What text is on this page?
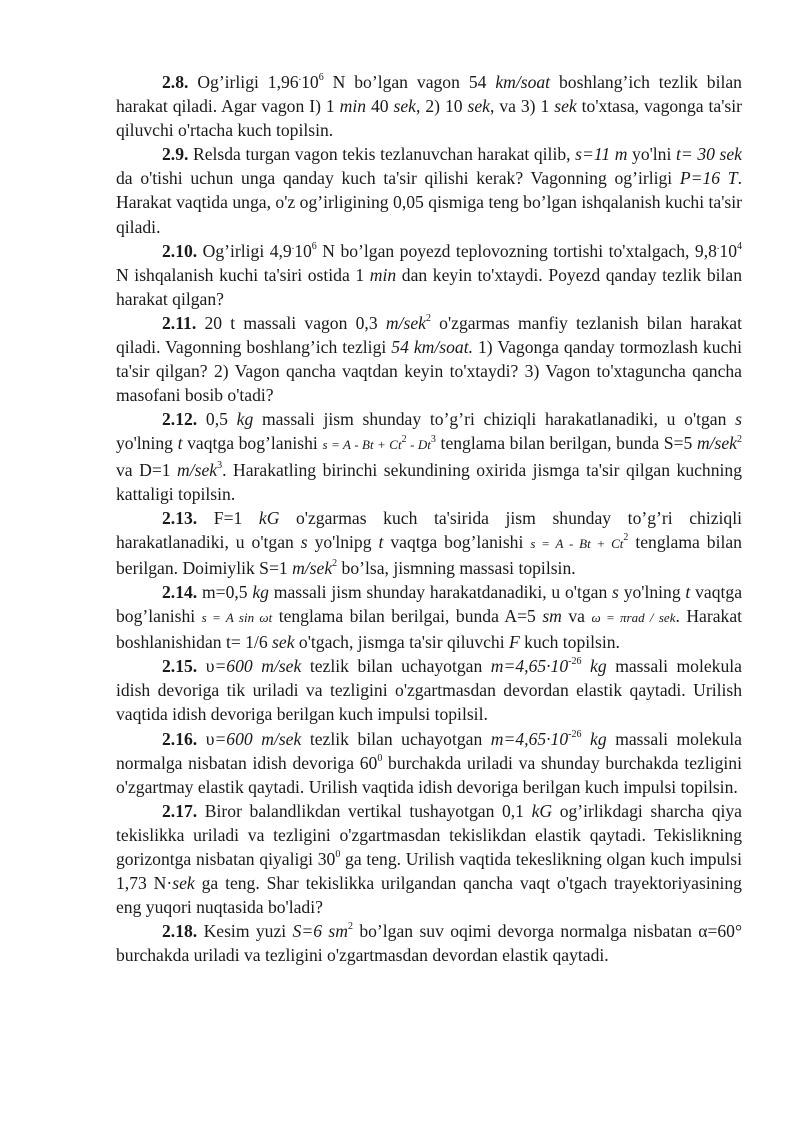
2.8. Og’irligi $1,96^.10^6$ N bo’lgan vagon 54 km/soat boshlang’ich tezlik bilan harakat qiladi. Agar vagon I) 1 min 40 sek, 2) 10 sek, va 3) 1 sek to'xtasa, vagonga ta'sir qiluvchi o'rtacha kuch topilsin.

2.9. Relsda turgan vagon tekis tezlanuvchan harakat qilib, s=11 m yo'lni t= 30 sek da o'tishi uchun unga qanday kuch ta'sir qilishi kerak? Vagonning og’irligi P=16 T. Harakat vaqtida unga, o'z og’irligining 0,05 qismiga teng bo’lgan ishqalanish kuchi ta'sir qiladi.

2.10. Og’irligi $4,9^.10^6$ N bo’lgan poyezd teplovozning tortishi to'xtalgach, $9,8^.10^4$ N ishqalanish kuchi ta'siri ostida 1 min dan keyin to'xtaydi. Poyezd qanday tezlik bilan harakat qilgan?

2.11. 20 t massali vagon 0,3 m/sek$^2$ o'zgarmas manfiy tezlanish bilan harakat qiladi. Vagonning boshlang’ich tezligi 54 km/soat. 1) Vagonga qanday tormozlash kuchi ta'sir qilgan? 2) Vagon qancha vaqtdan keyin to'xtaydi? 3) Vagon to'xtaguncha qancha masofani bosib o'tadi?

2.12. 0,5 kg massali jism shunday to’g’ri chiziqli harakatlanadiki, u o'tgan s yo'lning t vaqtga bog’lanishi $s = A - Bt + Ct^2 - Dt^3$ tenglama bilan berilgan, bunda S=5 m/sek$^2$ va D=1 m/sek$^3$. Harakatling birinchi sekundining oxirida jismga ta'sir qilgan kuchning kattaligi topilsin.

2.13. F=1 kG o'zgarmas kuch ta'sirida jism shunday to’g’ri chiziqli harakatlanadiki, u o'tgan s yo'lnipg t vaqtga bog’lanishi $s = A - Bt + Ct^2$ tenglama bilan berilgan. Doimiylik S=1 m/sek$^2$ bo’lsa, jismning massasi topilsin.

2.14. m=0,5 kg massali jism shunday harakatdanadiki, u o'tgan s yo'lning t vaqtga bog’lanishi s = A sin ωt tenglama bilan berilgai, bunda A=5 sm va ω = πrad / sek. Harakat boshlanishidan t= 1/6 sek o'tgach, jismga ta'sir qiluvchi F kuch topilsin.

2.15. υ=600 m/sek tezlik bilan uchayotgan $m=4,65\cdot 10^{-26}$ kg massali molekula idish devoriga tik uriladi va tezligini o'zgartmasdan devordan elastik qaytadi. Urilish vaqtida idish devoriga berilgan kuch impulsi topilsil.

2.16. υ=600 m/sek tezlik bilan uchayotgan $m=4,65\cdot 10^{-26}$ kg massali molekula normalga nisbatan idish devoriga $60^0$ burchakda uriladi va shunday burchakda tezligini o'zgartmay elastik qaytadi. Urilish vaqtida idish devoriga berilgan kuch impulsi topilsin.

2.17. Biror balandlikdan vertikal tushayotgan 0,1 kG og’irlikdagi sharcha qiya tekislikka uriladi va tezligini o'zgartmasdan tekislikdan elastik qaytadi. Tekislikning gorizontga nisbatan qiyaligi $30^0$ ga teng. Urilish vaqtida tekeslikning olgan kuch impulsi 1,73 N·sek ga teng. Shar tekislikka urilgandan qancha vaqt o'tgach trayektoriyasining eng yuqori nuqtasida bo'ladi?

2.18. Kesim yuzi S=6 $sm^2$ bo’lgan suv oqimi devorga normalga nisbatan α=60° burchakda uriladi va tezligini o'zgartmasdan devordan elastik qaytadi.
